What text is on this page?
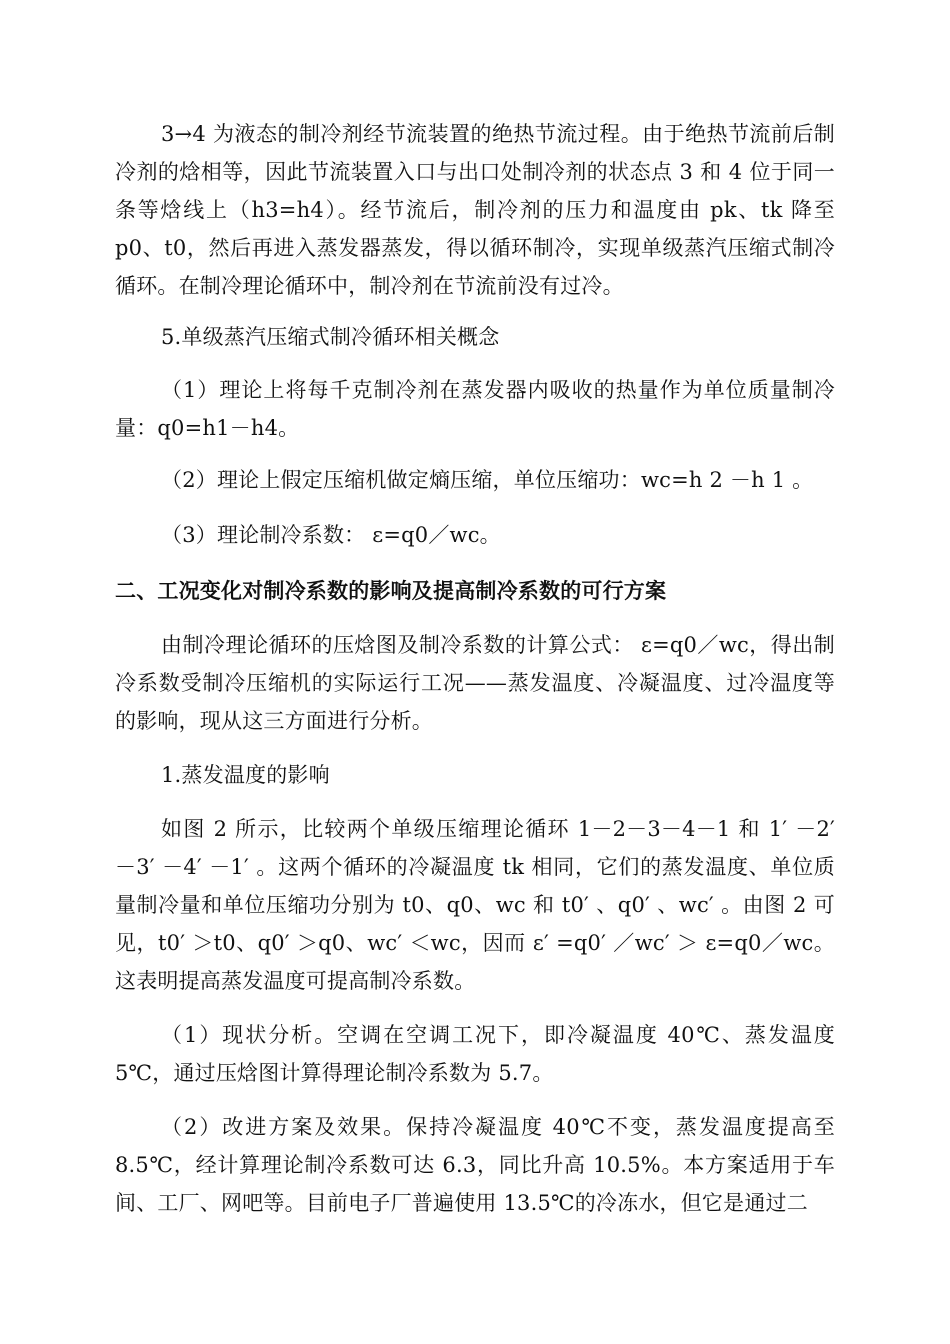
3→4 为液态的制冷剂经节流装置的绝热节流过程。由于绝热节流前后制冷剂的焓相等，因此节流装置入口与出口处制冷剂的状态点 3 和 4 位于同一条等焓线上（h3=h4）。经节流后，制冷剂的压力和温度由 pk、tk 降至 p0、t0，然后再进入蒸发器蒸发，得以循环制冷，实现单级蒸汽压缩式制冷循环。在制冷理论循环中，制冷剂在节流前没有过冷。

5.单级蒸汽压缩式制冷循环相关概念

（1）理论上将每千克制冷剂在蒸发器内吸收的热量作为单位质量制冷量：q0=h1－h4。

（2）理论上假定压缩机做定熵压缩，单位压缩功：wc=h 2 －h 1 。

（3）理论制冷系数： ε=q0／wc。

二、工况变化对制冷系数的影响及提高制冷系数的可行方案

由制冷理论循环的压焓图及制冷系数的计算公式： ε=q0／wc，得出制冷系数受制冷压缩机的实际运行工况——蒸发温度、冷凝温度、过冷温度等的影响，现从这三方面进行分析。

1.蒸发温度的影响

如图 2 所示，比较两个单级压缩理论循环 1－2－3－4－1 和 1′ －2′ －3′ －4′ －1′ 。这两个循环的冷凝温度 tk 相同，它们的蒸发温度、单位质量制冷量和单位压缩功分别为 t0、q0、wc 和 t0′ 、q0′ 、wc′ 。由图 2 可见，t0′ ＞t0、q0′ ＞q0、wc′ ＜wc，因而 ε′ =q0′ ／wc′ ＞ ε=q0／wc。这表明提高蒸发温度可提高制冷系数。

（1）现状分析。空调在空调工况下，即冷凝温度 40℃、蒸发温度 5℃，通过压焓图计算得理论制冷系数为 5.7。

（2）改进方案及效果。保持冷凝温度 40℃不变，蒸发温度提高至 8.5℃，经计算理论制冷系数可达 6.3，同比升高 10.5%。本方案适用于车间、工厂、网吧等。目前电子厂普遍使用 13.5℃的冷冻水，但它是通过二
